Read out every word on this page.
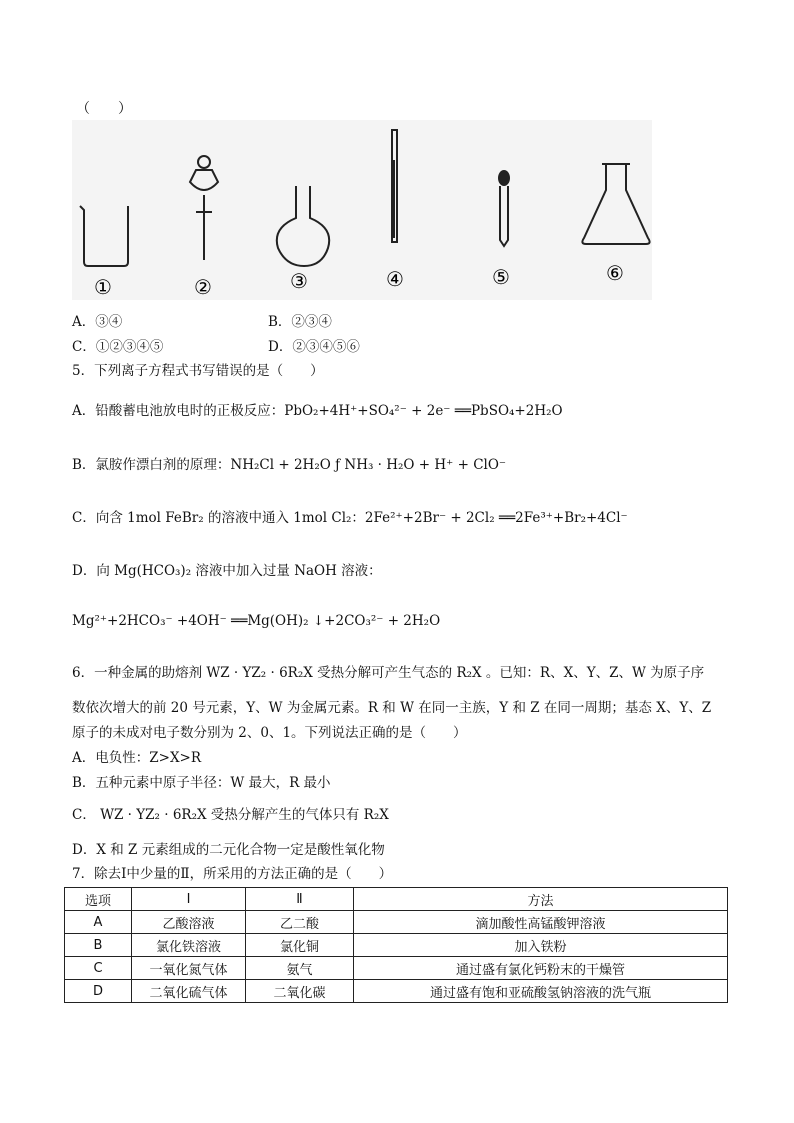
（　　）
①	②	③	④	⑤	⑥
A．③④	B．②③④
C．①②③④⑤	D．②③④⑤⑥
5．下列离子方程式书写错误的是（　　）
A．铅酸蓄电池放电时的正极反应：PbO₂+4H⁺+SO₄²⁻ + 2e⁻ ══PbSO₄+2H₂O
B．氯胺作漂白剂的原理：NH₂Cl + 2H₂O ƒ NH₃ · H₂O + H⁺ + ClO⁻
C．向含 1mol FeBr₂ 的溶液中通入 1mol Cl₂：2Fe²⁺+2Br⁻ + 2Cl₂ ══2Fe³⁺+Br₂+4Cl⁻
D．向 Mg(HCO₃)₂ 溶液中加入过量 NaOH 溶液：
Mg²⁺+2HCO₃⁻ +4OH⁻ ══Mg(OH)₂ ↓+2CO₃²⁻ + 2H₂O
6．一种金属的助熔剂 WZ · YZ₂ · 6R₂X 受热分解可产生气态的 R₂X 。已知：R、X、Y、Z、W 为原子序
数依次增大的前 20 号元素，Y、W 为金属元素。R 和 W 在同一主族，Y 和 Z 在同一周期；基态 X、Y、Z
原子的未成对电子数分别为 2、0、1。下列说法正确的是（　　）
A．电负性：Z>X>R
B．五种元素中原子半径：W 最大，R 最小
C． WZ · YZ₂ · 6R₂X 受热分解产生的气体只有 R₂X
D．X 和 Z 元素组成的二元化合物一定是酸性氧化物
7．除去Ⅰ中少量的Ⅱ，所采用的方法正确的是（　　）
选项	Ⅰ	Ⅱ	方法
A	乙酸溶液	乙二酸	滴加酸性高锰酸钾溶液
B	氯化铁溶液	氯化铜	加入铁粉
C	一氧化氮气体	氨气	通过盛有氯化钙粉末的干燥管
D	二氧化硫气体	二氧化碳	通过盛有饱和亚硫酸氢钠溶液的洗气瓶
